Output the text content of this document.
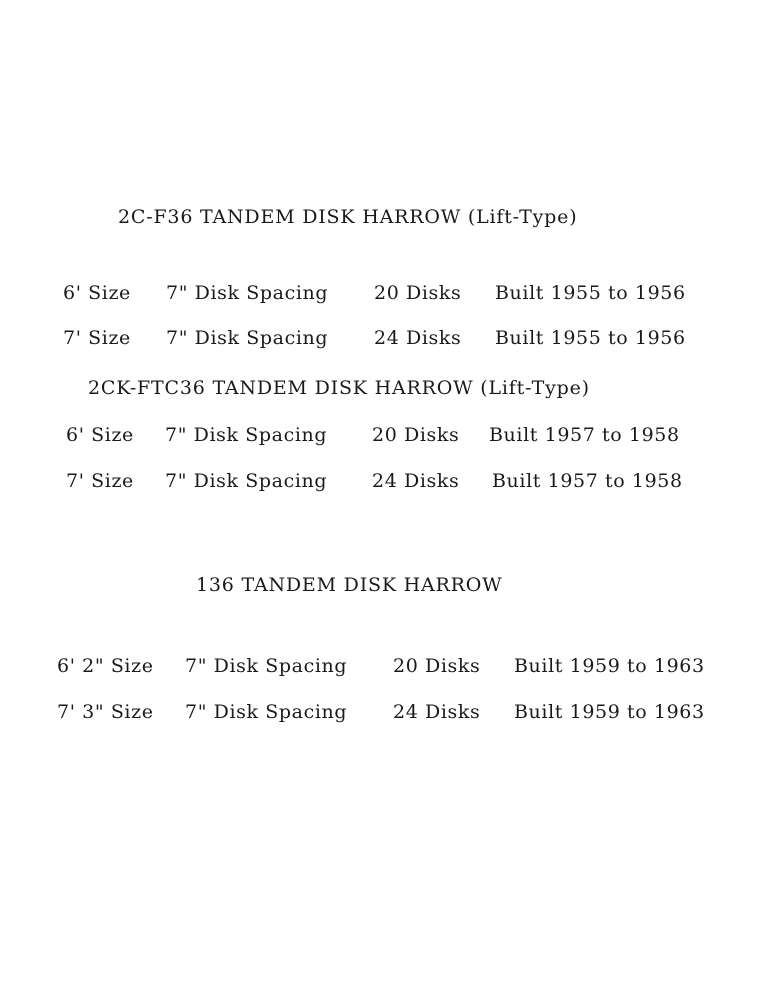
2C-F36 TANDEM DISK HARROW (Lift-Type)
6' Size 7" Disk Spacing 20 Disks Built 1955 to 1956
7' Size 7" Disk Spacing 24 Disks Built 1955 to 1956
2CK-FTC36 TANDEM DISK HARROW (Lift-Type)
6' Size 7" Disk Spacing 20 Disks Built 1957 to 1958
7' Size 7" Disk Spacing 24 Disks Built 1957 to 1958
136 TANDEM DISK HARROW
6' 2" Size 7" Disk Spacing 20 Disks Built 1959 to 1963
7' 3" Size 7" Disk Spacing 24 Disks Built 1959 to 1963
